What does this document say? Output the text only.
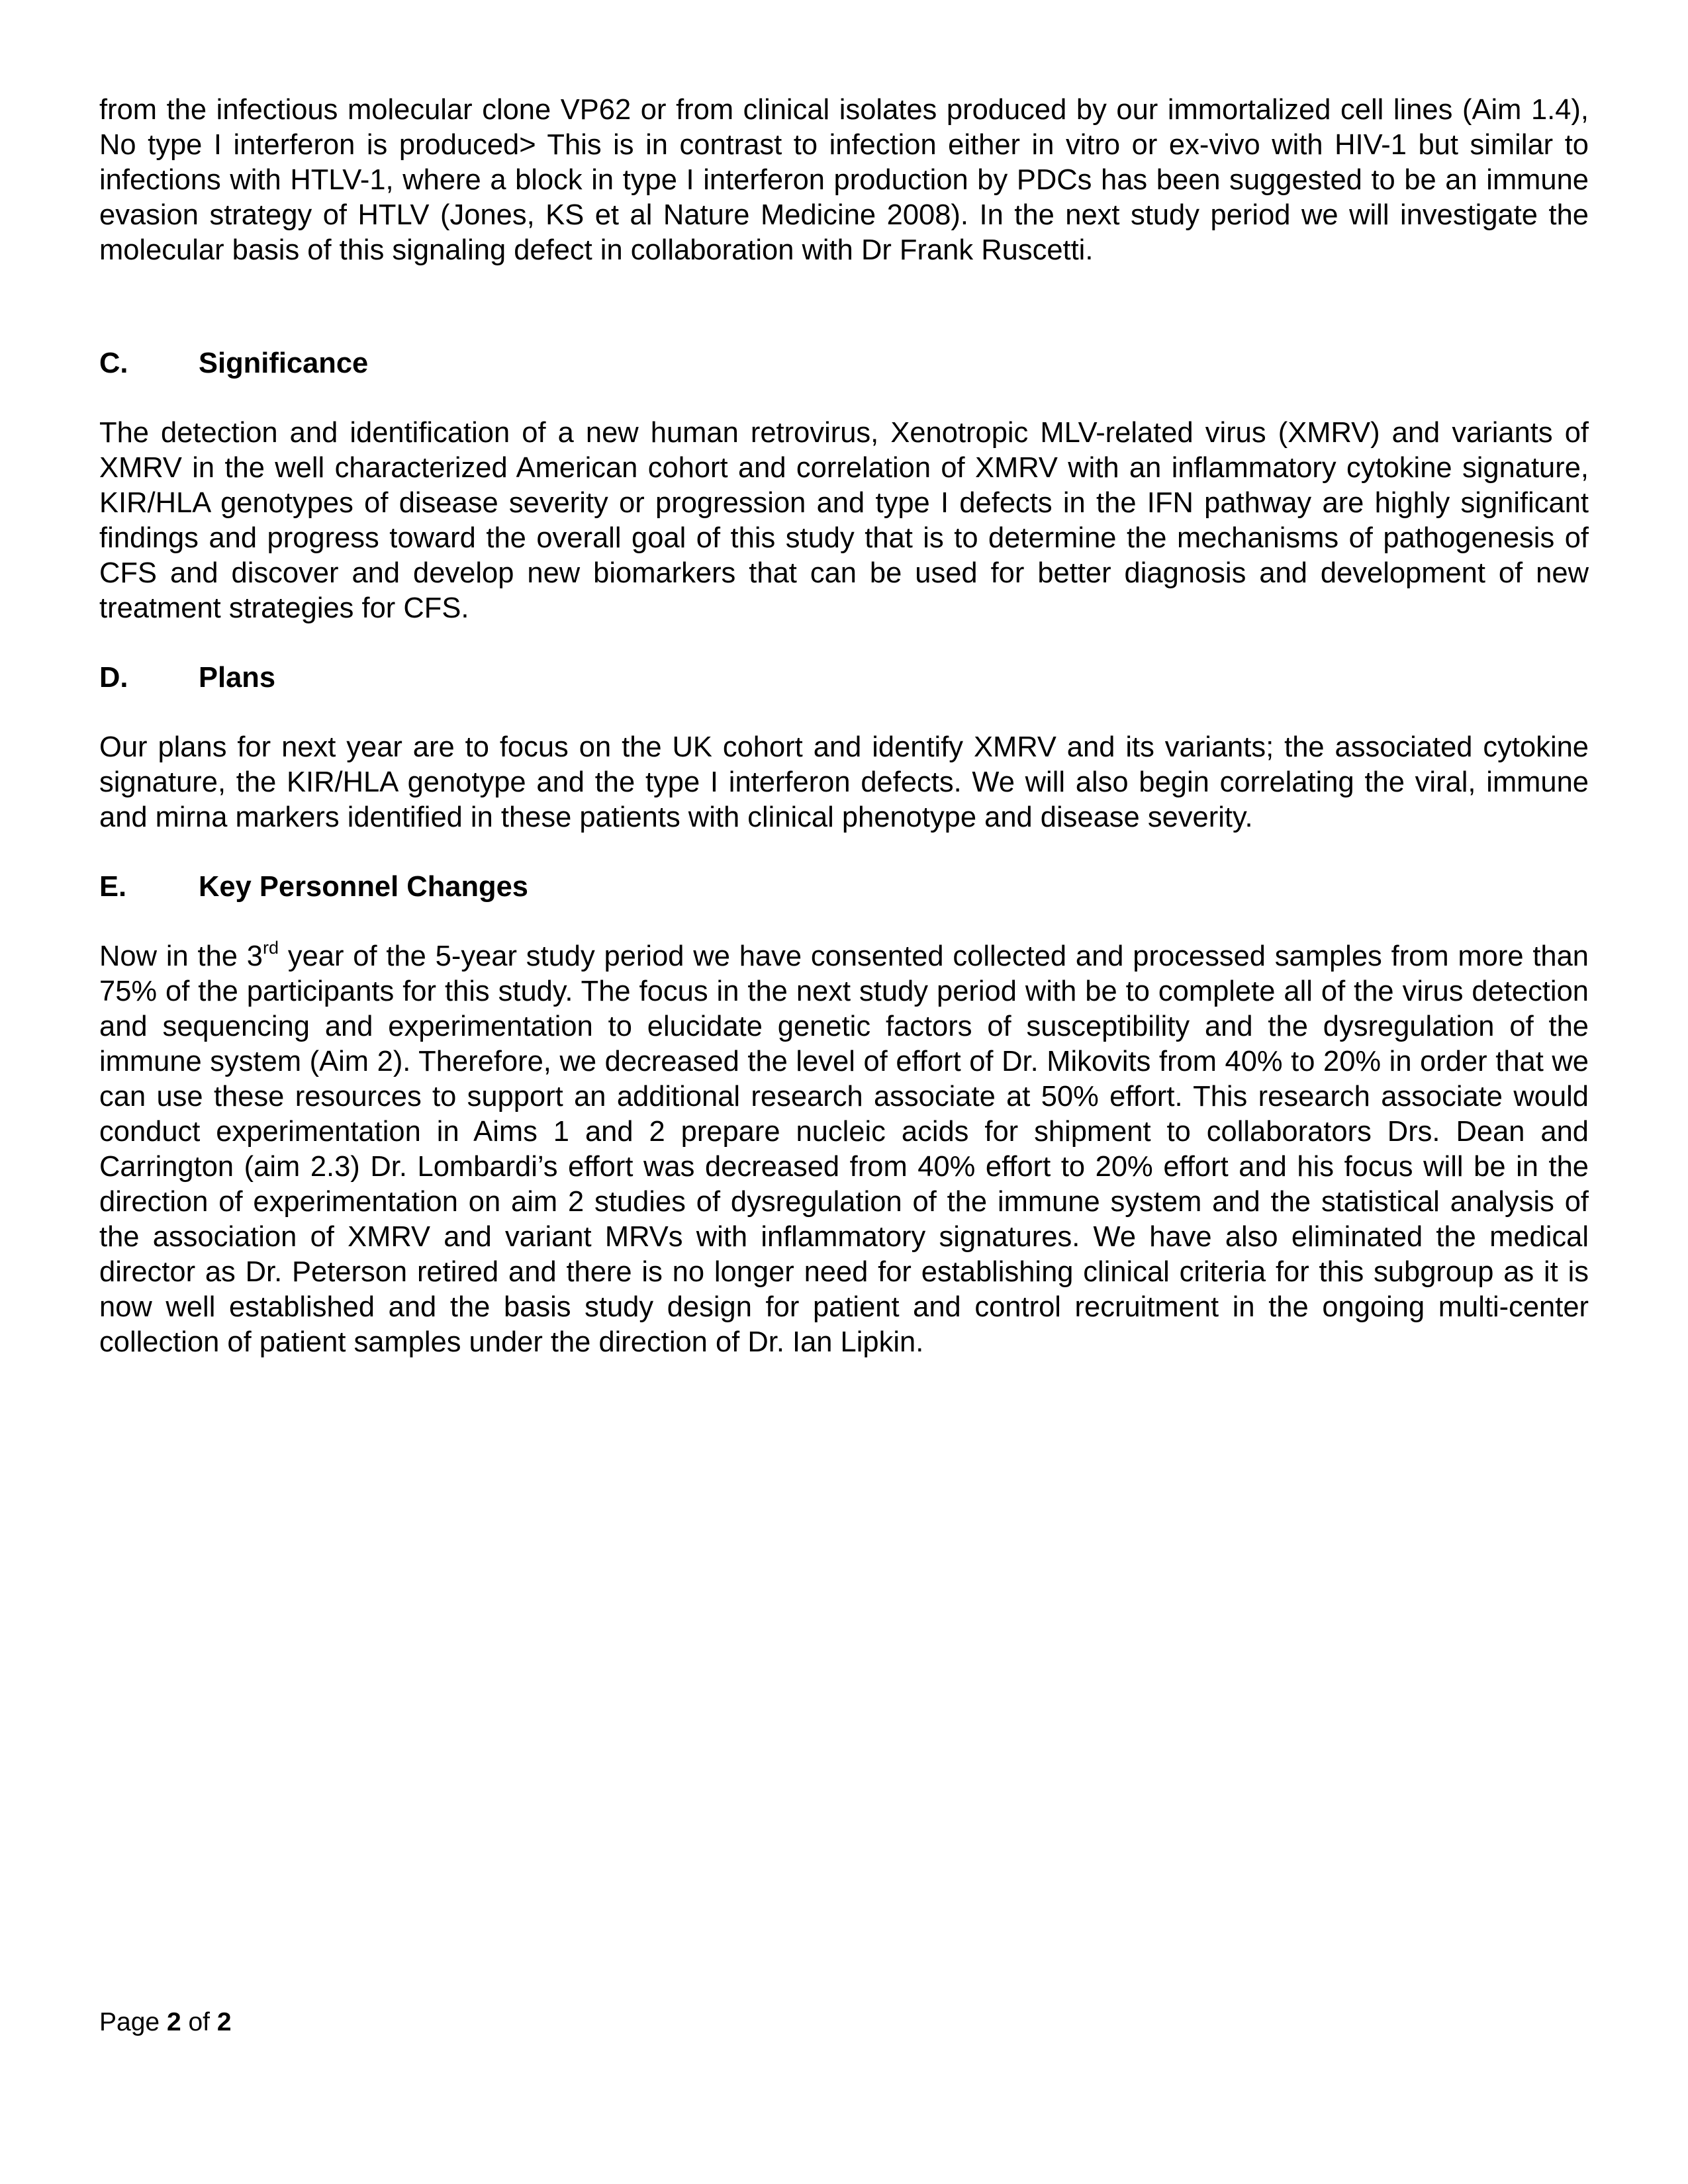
from the infectious molecular clone VP62 or from clinical isolates produced by our immortalized cell lines (Aim 1.4), No type I interferon is produced> This is in contrast to infection either in vitro or ex-vivo with HIV-1 but similar to infections with HTLV-1, where a block in type I interferon production by PDCs has been suggested to be an immune evasion strategy of HTLV (Jones, KS et al Nature Medicine 2008). In the next study period we will investigate the molecular basis of this signaling defect in collaboration with Dr Frank Ruscetti.

C.	Significance

The detection and identification of a new human retrovirus, Xenotropic MLV-related virus (XMRV) and variants of XMRV in the well characterized American cohort and correlation of XMRV with an inflammatory cytokine signature, KIR/HLA genotypes of disease severity or progression and type I defects in the IFN pathway are highly significant findings and progress toward the overall goal of this study that is to determine the mechanisms of pathogenesis of CFS and discover and develop new biomarkers that can be used for better diagnosis and development of new treatment strategies for CFS.

D.	Plans

Our plans for next year are to focus on the UK cohort and identify XMRV and its variants; the associated cytokine signature, the KIR/HLA genotype and the type I interferon defects. We will also begin correlating the viral, immune and mirna markers identified in these patients with clinical phenotype and disease severity.

E.	Key Personnel Changes

Now in the 3rd year of the 5-year study period we have consented collected and processed samples from more than 75% of the participants for this study. The focus in the next study period with be to complete all of the virus detection and sequencing and experimentation to elucidate genetic factors of susceptibility and the dysregulation of the immune system (Aim 2). Therefore, we decreased the level of effort of Dr. Mikovits from 40% to 20% in order that we can use these resources to support an additional research associate at 50% effort. This research associate would conduct experimentation in Aims 1 and 2 prepare nucleic acids for shipment to collaborators Drs. Dean and Carrington (aim 2.3) Dr. Lombardi’s effort was decreased from 40% effort to 20% effort and his focus will be in the direction of experimentation on aim 2 studies of dysregulation of the immune system and the statistical analysis of the association of XMRV and variant MRVs with inflammatory signatures. We have also eliminated the medical director as Dr. Peterson retired and there is no longer need for establishing clinical criteria for this subgroup as it is now well established and the basis study design for patient and control recruitment in the ongoing multi-center collection of patient samples under the direction of Dr. Ian Lipkin.

Page 2 of 2
